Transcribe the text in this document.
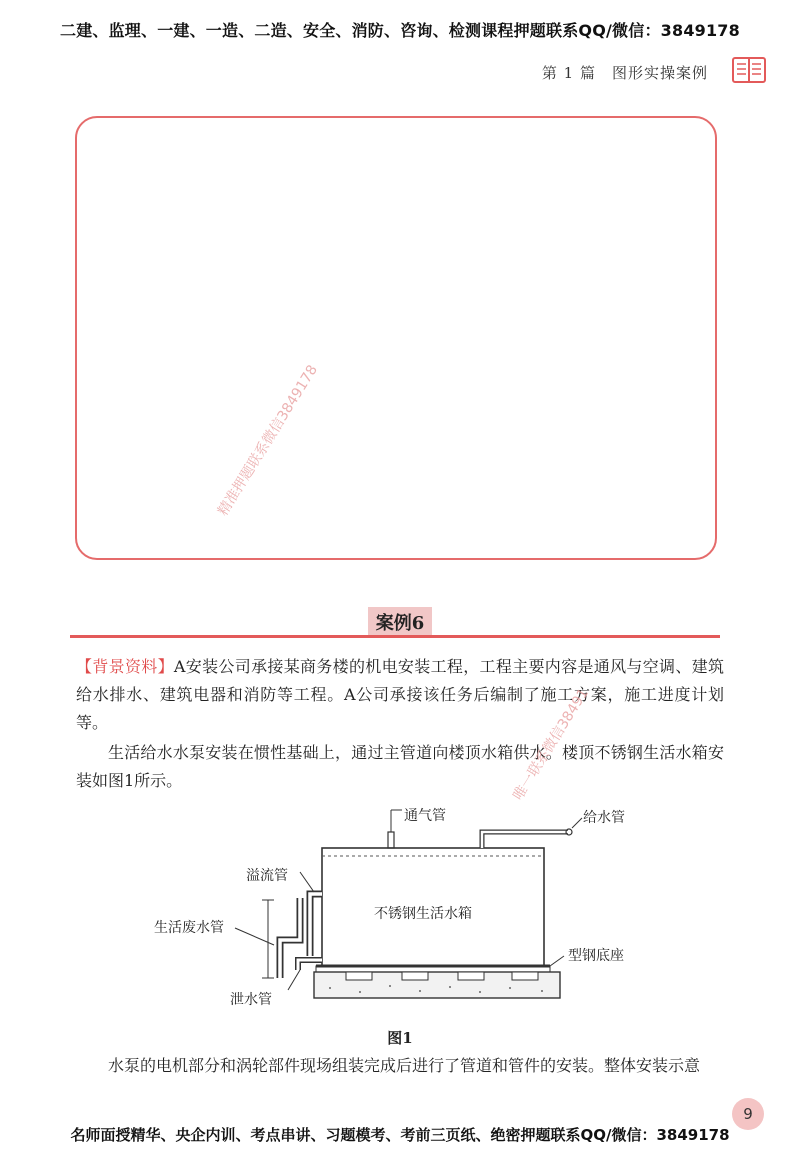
二建、监理、一建、一造、二造、安全、消防、咨询、检测课程押题联系QQ/微信：3849178
第 1 篇　图形实操案例
精准押题联系微信3849178
案例6
【背景资料】A安装公司承接某商务楼的机电安装工程，工程主要内容是通风与空调、建筑给水排水、建筑电器和消防等工程。A公司承接该任务后编制了施工方案，施工进度计划等。
生活给水水泵安装在惯性基础上，通过主管道向楼顶水箱供水。楼顶不锈钢生活水箱安装如图1所示。	唯一联系微信38491
通气管	给水管
溢流管
生活废水管
不锈钢生活水箱
型钢底座
泄水管
图1
水泵的电机部分和涡轮部件现场组装完成后进行了管道和管件的安装。整体安装示意
9
名师面授精华、央企内训、考点串讲、习题模考、考前三页纸、绝密押题联系QQ/微信：3849178
